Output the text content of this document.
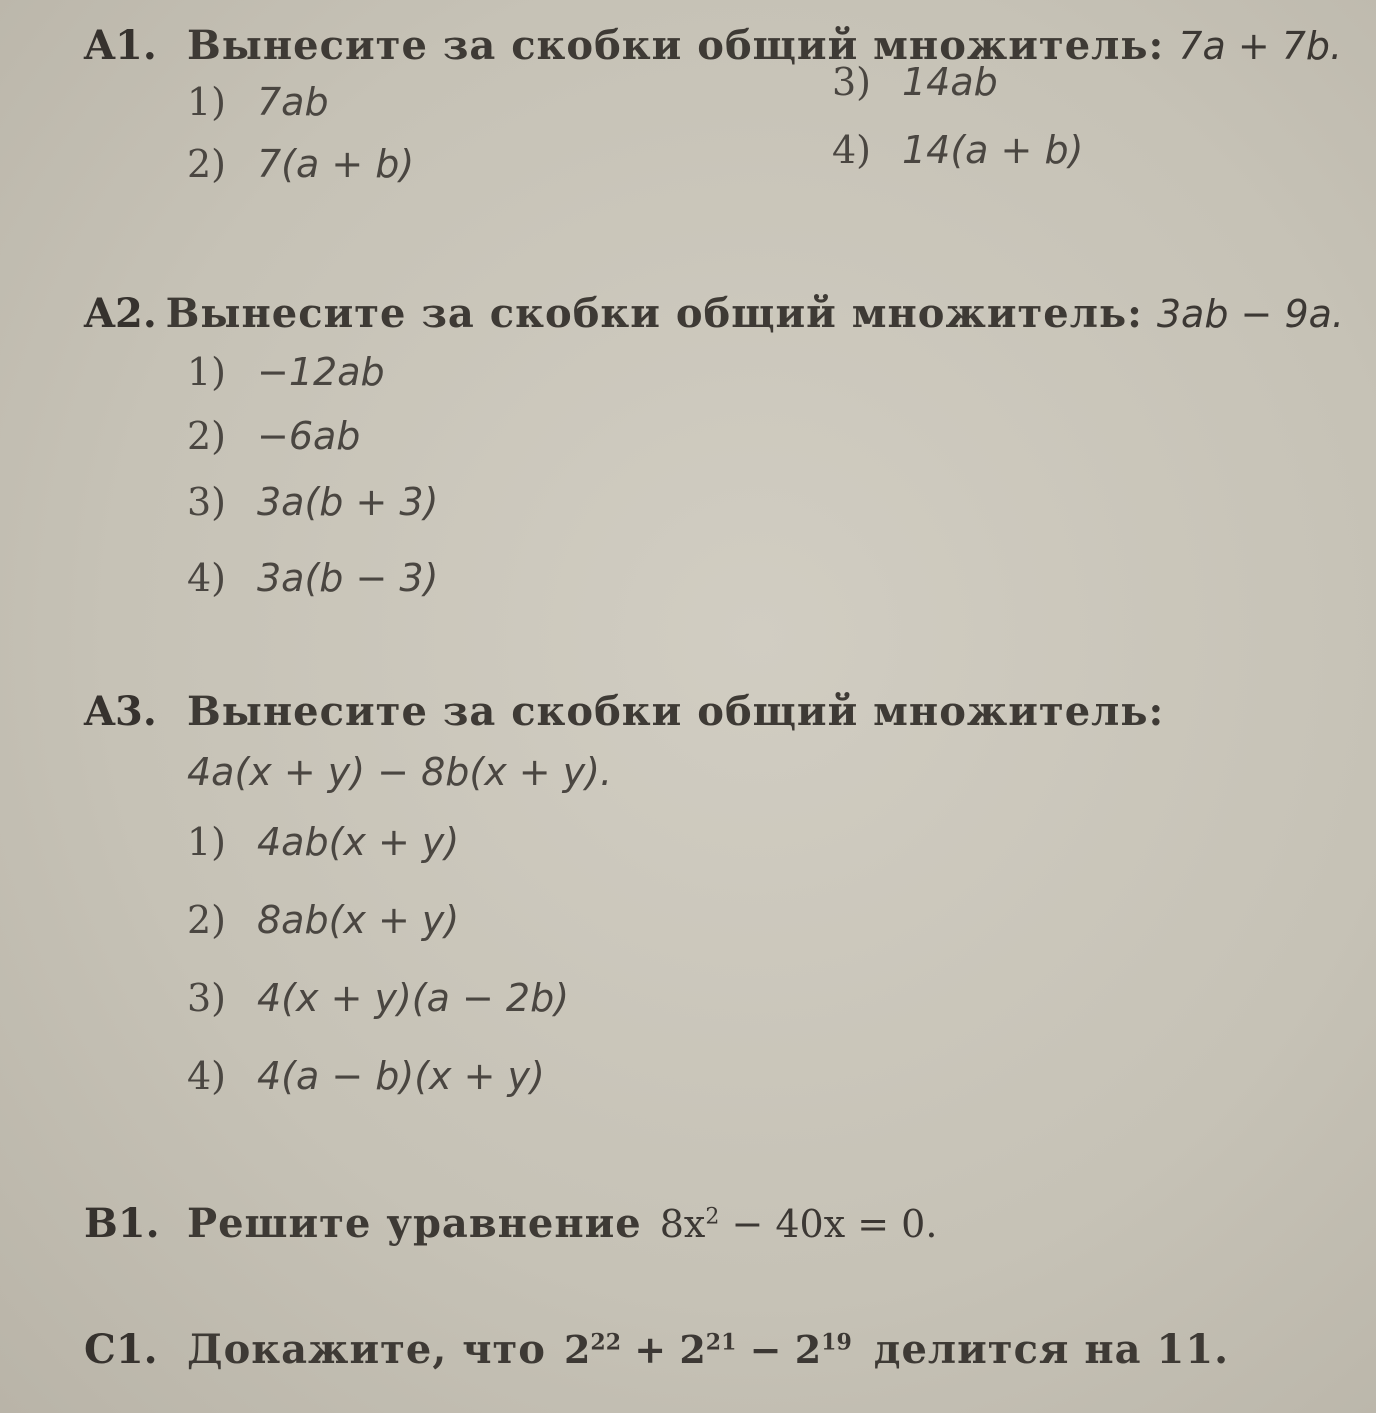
A1. Вынесите за скобки общий множитель: 7a + 7b.
1) 7ab	3) 14ab
2) 7(a + b)	4) 14(a + b)
A2. Вынесите за скобки общий множитель: 3ab − 9a.
1) −12ab
2) −6ab
3) 3a(b + 3)
4) 3a(b − 3)
A3. Вынесите за скобки общий множитель:
4a(x + y) − 8b(x + y).
1) 4ab(x + y)
2) 8ab(x + y)
3) 4(x + y)(a − 2b)
4) 4(a − b)(x + y)
B1. Решите уравнение $8x^2 - 40x = 0$.
C1. Докажите, что $2^{22} + 2^{21} - 2^{19}$ делится на 11.
